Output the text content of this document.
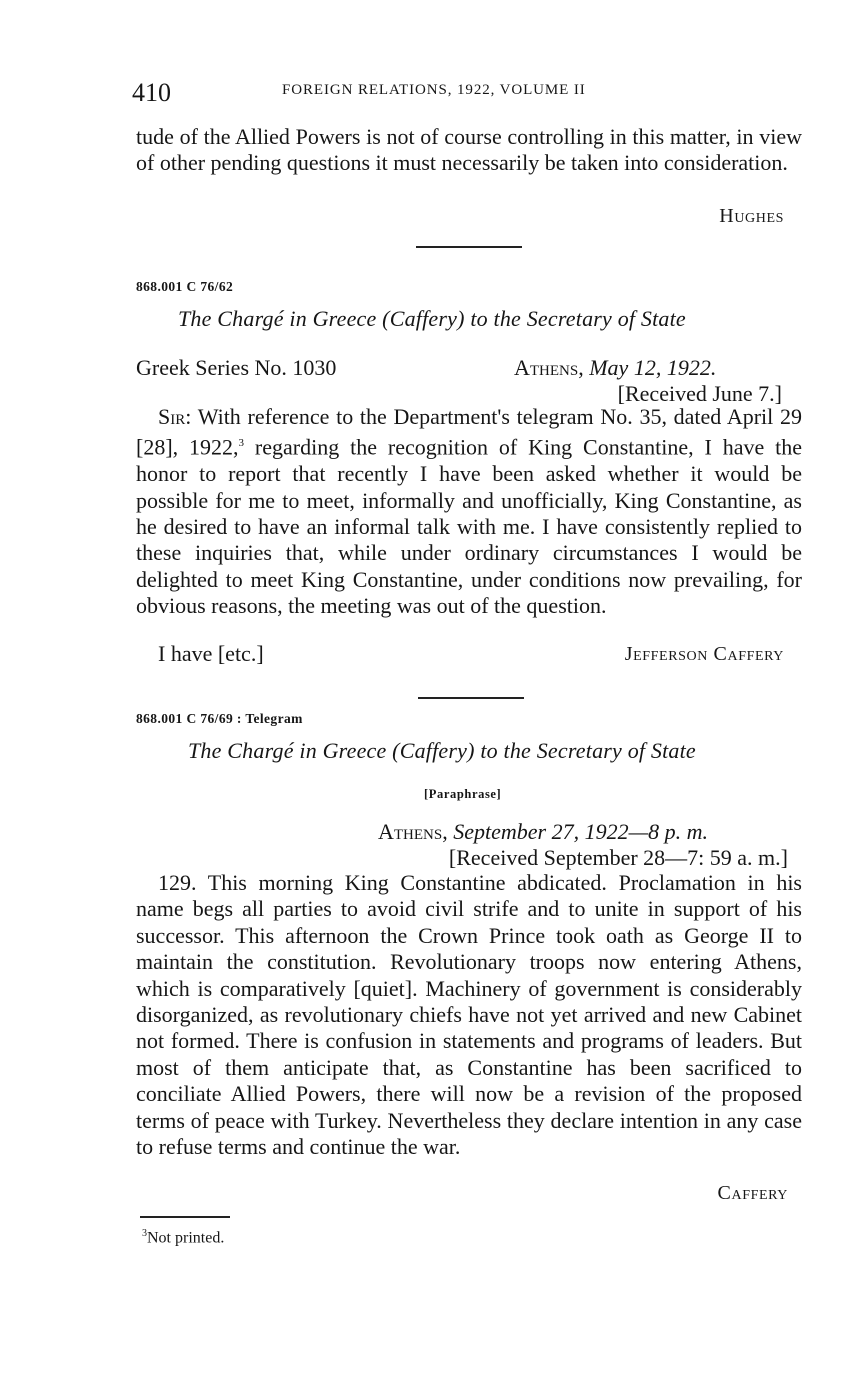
410	FOREIGN RELATIONS, 1922, VOLUME II

tude of the Allied Powers is not of course controlling in this matter, in view of other pending questions it must necessarily be taken into consideration.

Hughes
868.001 C 76/62
The Chargé in Greece (Caffery) to the Secretary of State
Greek Series No. 1030	Athens, May 12, 1922.
[Received June 7.]

Sir: With reference to the Department's telegram No. 35, dated April 29 [28], 1922,$^3$ regarding the recognition of King Constantine, I have the honor to report that recently I have been asked whether it would be possible for me to meet, informally and unofficially, King Constantine, as he desired to have an informal talk with me. I have consistently replied to these inquiries that, while under ordinary circumstances I would be delighted to meet King Constantine, under conditions now prevailing, for obvious reasons, the meeting was out of the question.

I have [etc.]	Jefferson Caffery
868.001 C 76/69 : Telegram
The Chargé in Greece (Caffery) to the Secretary of State
[Paraphrase]
Athens, September 27, 1922—8 p. m.
[Received September 28—7: 59 a. m.]

129. This morning King Constantine abdicated. Proclamation in his name begs all parties to avoid civil strife and to unite in support of his successor. This afternoon the Crown Prince took oath as George II to maintain the constitution. Revolutionary troops now entering Athens, which is comparatively [quiet]. Machinery of government is considerably disorganized, as revolutionary chiefs have not yet arrived and new Cabinet not formed. There is confusion in statements and programs of leaders. But most of them anticipate that, as Constantine has been sacrificed to conciliate Allied Powers, there will now be a revision of the proposed terms of peace with Turkey. Nevertheless they declare intention in any case to refuse terms and continue the war.

Caffery
$^3$Not printed.
